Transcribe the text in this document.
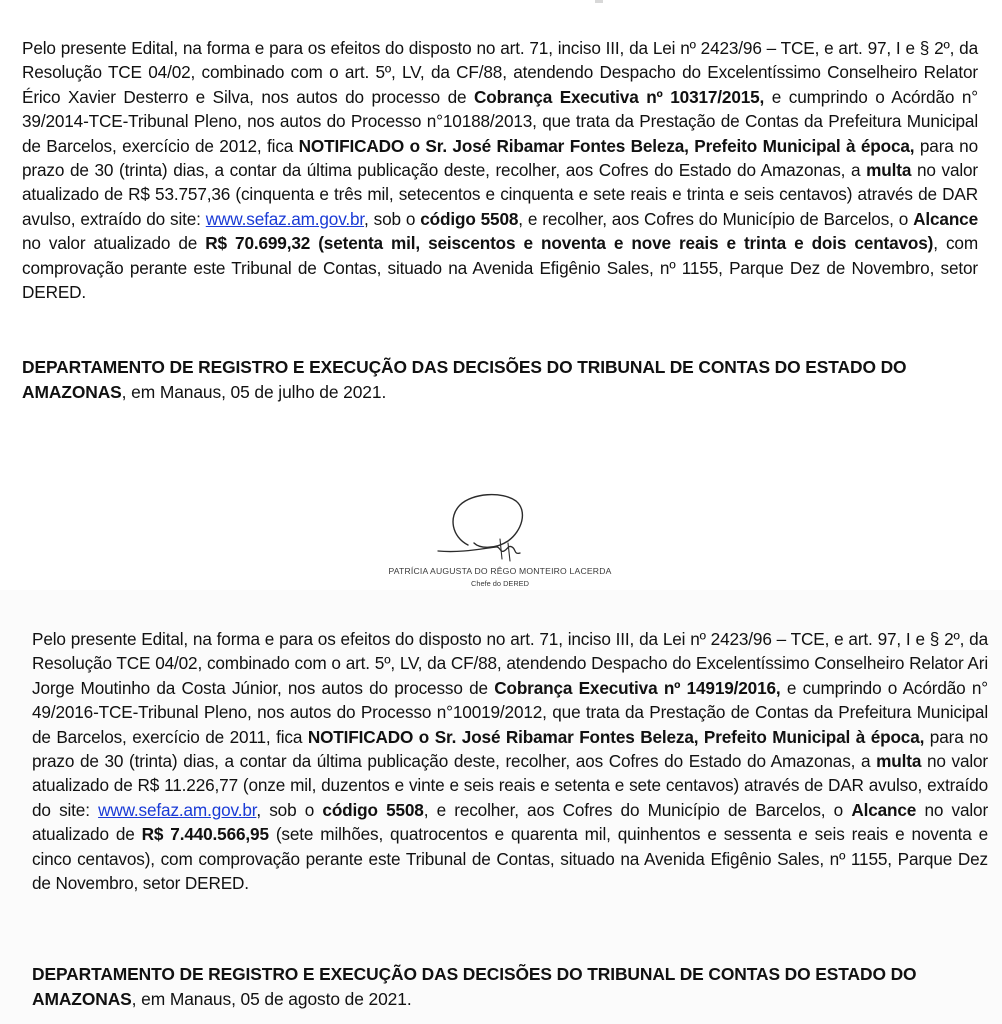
Pelo presente Edital, na forma e para os efeitos do disposto no art. 71, inciso III, da Lei nº 2423/96 – TCE, e art. 97, I e § 2º, da Resolução TCE 04/02, combinado com o art. 5º, LV, da CF/88, atendendo Despacho do Excelentíssimo Conselheiro Relator Érico Xavier Desterro e Silva, nos autos do processo de Cobrança Executiva nº 10317/2015, e cumprindo o Acórdão n° 39/2014-TCE-Tribunal Pleno, nos autos do Processo n°10188/2013, que trata da Prestação de Contas da Prefeitura Municipal de Barcelos, exercício de 2012, fica NOTIFICADO o Sr. José Ribamar Fontes Beleza, Prefeito Municipal à época, para no prazo de 30 (trinta) dias, a contar da última publicação deste, recolher, aos Cofres do Estado do Amazonas, a multa no valor atualizado de R$ 53.757,36 (cinquenta e três mil, setecentos e cinquenta e sete reais e trinta e seis centavos) através de DAR avulso, extraído do site: www.sefaz.am.gov.br, sob o código 5508, e recolher, aos Cofres do Município de Barcelos, o Alcance no valor atualizado de R$ 70.699,32 (setenta mil, seiscentos e noventa e nove reais e trinta e dois centavos), com comprovação perante este Tribunal de Contas, situado na Avenida Efigênio Sales, nº 1155, Parque Dez de Novembro, setor DERED.

DEPARTAMENTO DE REGISTRO E EXECUÇÃO DAS DECISÕES DO TRIBUNAL DE CONTAS DO ESTADO DO AMAZONAS, em Manaus, 05 de julho de 2021.

PATRÍCIA AUGUSTA DO RÊGO MONTEIRO LACERDA
Chefe do DERED

Pelo presente Edital, na forma e para os efeitos do disposto no art. 71, inciso III, da Lei nº 2423/96 – TCE, e art. 97, I e § 2º, da Resolução TCE 04/02, combinado com o art. 5º, LV, da CF/88, atendendo Despacho do Excelentíssimo Conselheiro Relator Ari Jorge Moutinho da Costa Júnior, nos autos do processo de Cobrança Executiva nº 14919/2016, e cumprindo o Acórdão n° 49/2016-TCE-Tribunal Pleno, nos autos do Processo n°10019/2012, que trata da Prestação de Contas da Prefeitura Municipal de Barcelos, exercício de 2011, fica NOTIFICADO o Sr. José Ribamar Fontes Beleza, Prefeito Municipal à época, para no prazo de 30 (trinta) dias, a contar da última publicação deste, recolher, aos Cofres do Estado do Amazonas, a multa no valor atualizado de R$ 11.226,77 (onze mil, duzentos e vinte e seis reais e setenta e sete centavos) através de DAR avulso, extraído do site: www.sefaz.am.gov.br, sob o código 5508, e recolher, aos Cofres do Município de Barcelos, o Alcance no valor atualizado de R$ 7.440.566,95 (sete milhões, quatrocentos e quarenta mil, quinhentos e sessenta e seis reais e noventa e cinco centavos), com comprovação perante este Tribunal de Contas, situado na Avenida Efigênio Sales, nº 1155, Parque Dez de Novembro, setor DERED.

DEPARTAMENTO DE REGISTRO E EXECUÇÃO DAS DECISÕES DO TRIBUNAL DE CONTAS DO ESTADO DO AMAZONAS, em Manaus, 05 de agosto de 2021.
